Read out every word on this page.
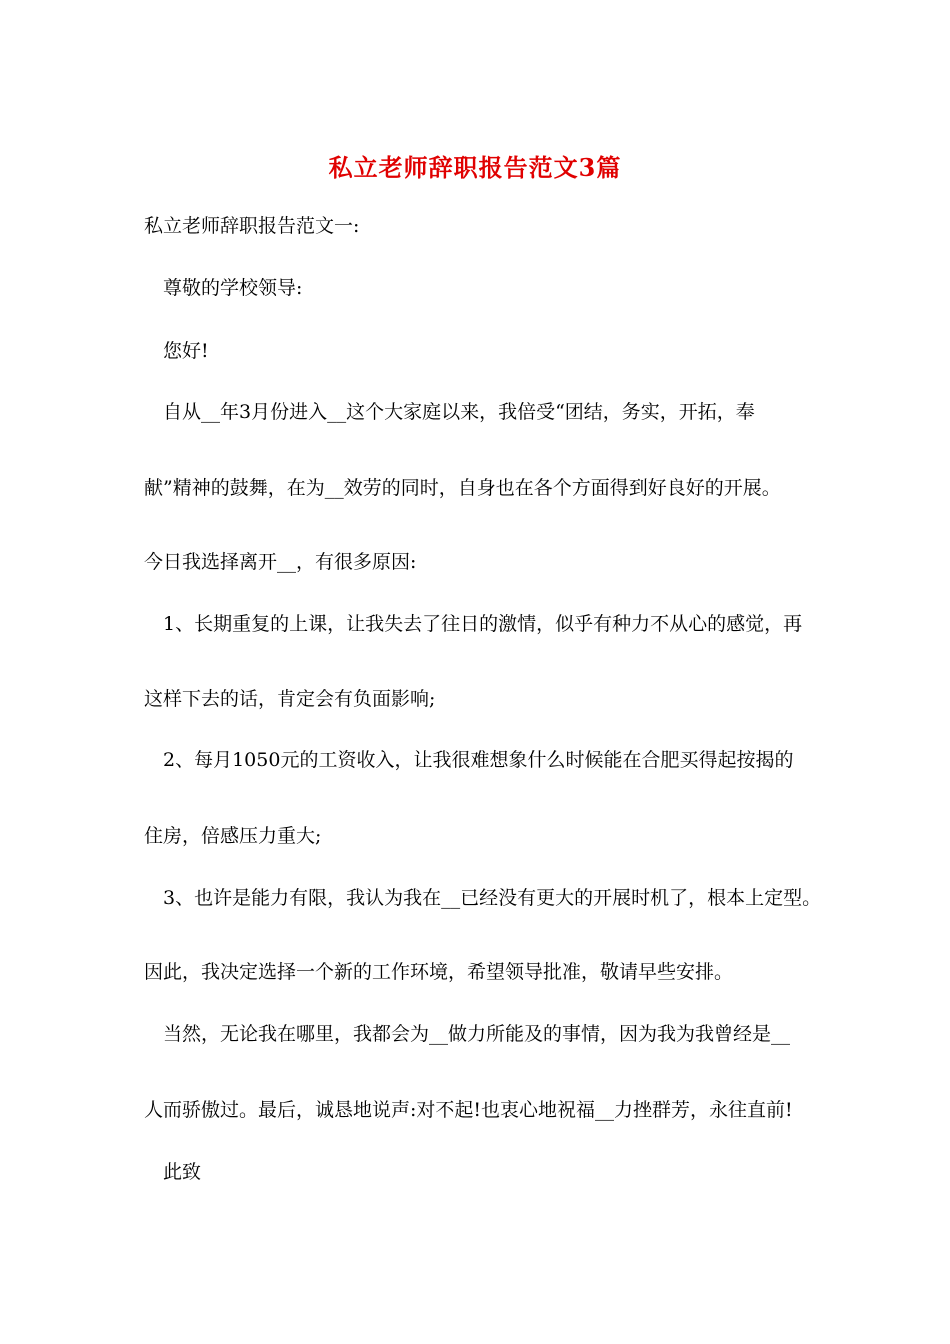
私立老师辞职报告范文3篇
私立老师辞职报告范文一:
尊敬的学校领导:
您好!
自从__年3月份进入__这个大家庭以来，我倍受“团结，务实，开拓，奉
献”精神的鼓舞，在为__效劳的同时，自身也在各个方面得到好良好的开展。
今日我选择离开__，有很多原因:
1、长期重复的上课，让我失去了往日的激情，似乎有种力不从心的感觉，再
这样下去的话，肯定会有负面影响;
2、每月1050元的工资收入，让我很难想象什么时候能在合肥买得起按揭的
住房，倍感压力重大;
3、也许是能力有限，我认为我在__已经没有更大的开展时机了，根本上定型。
因此，我决定选择一个新的工作环境，希望领导批准，敬请早些安排。
当然，无论我在哪里，我都会为__做力所能及的事情，因为我为我曾经是__
人而骄傲过。最后，诚恳地说声:对不起!也衷心地祝福__力挫群芳，永往直前!
此致
